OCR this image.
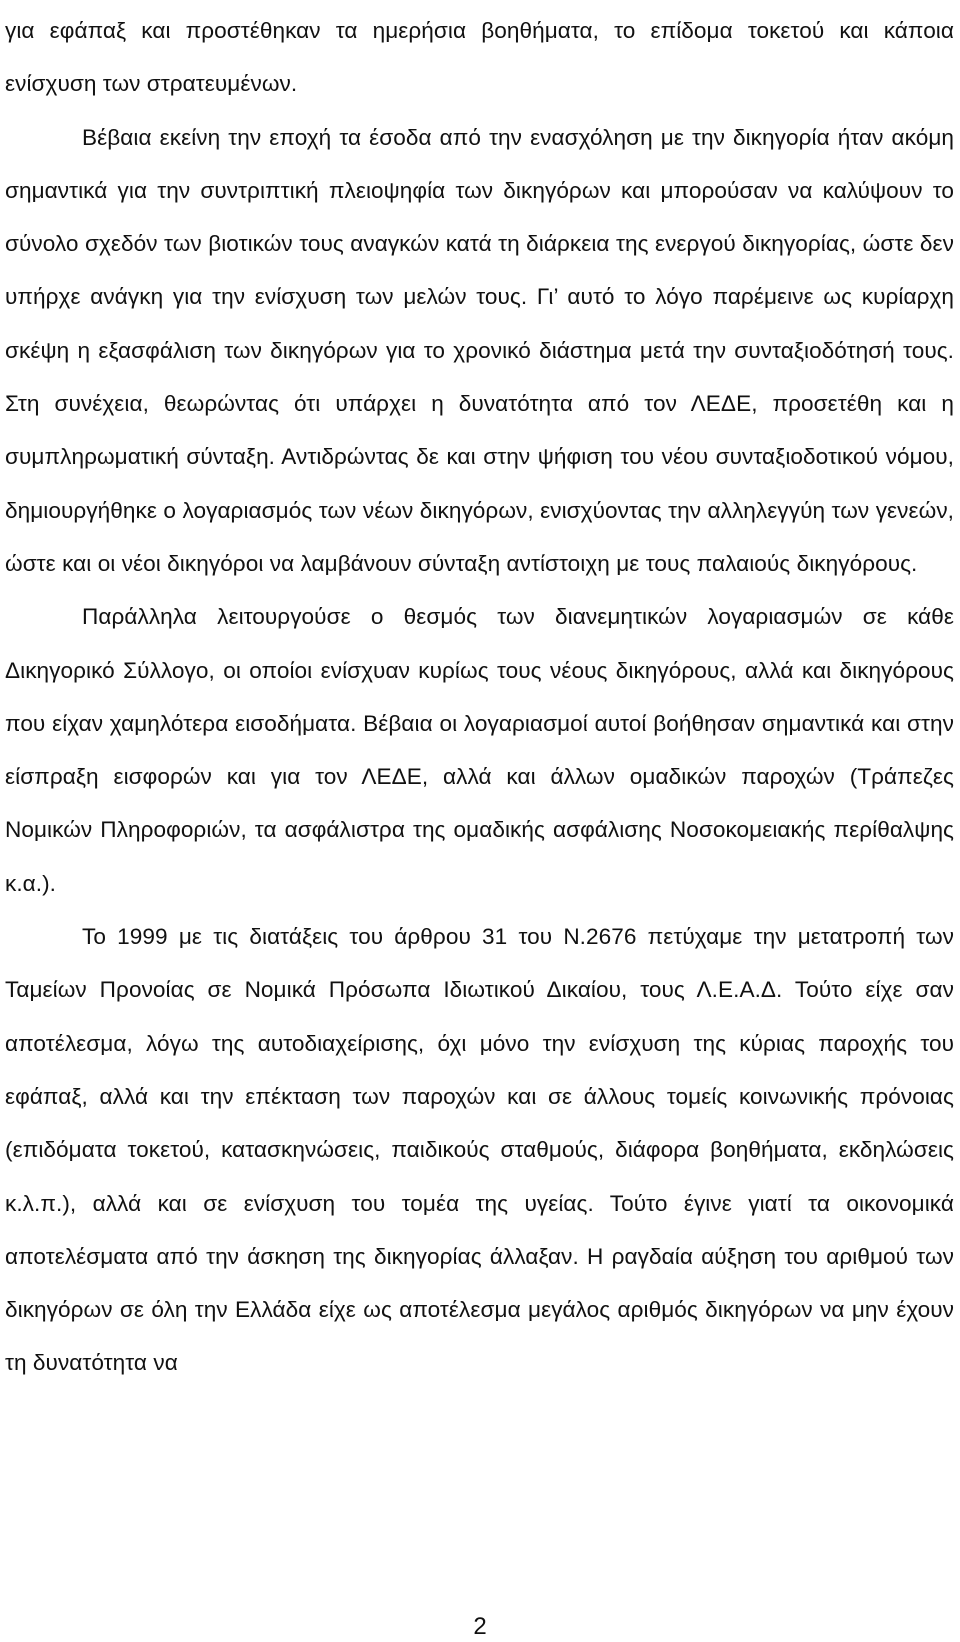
για εφάπαξ και προστέθηκαν τα ημερήσια βοηθήματα, το επίδομα τοκετού και κάποια ενίσχυση των στρατευμένων.

Βέβαια εκείνη την εποχή τα έσοδα από την ενασχόληση με την δικηγορία ήταν ακόμη σημαντικά για την συντριπτική πλειοψηφία των δικηγόρων και μπορούσαν να καλύψουν το σύνολο σχεδόν των βιοτικών τους αναγκών κατά τη διάρκεια της ενεργού δικηγορίας, ώστε δεν υπήρχε ανάγκη για την ενίσχυση των μελών τους. Γι’ αυτό το λόγο παρέμεινε ως κυρίαρχη σκέψη η εξασφάλιση των δικηγόρων για το χρονικό διάστημα μετά την συνταξιοδότησή τους. Στη συνέχεια, θεωρώντας ότι υπάρχει η δυνατότητα από τον ΛΕΔΕ, προσετέθη και η συμπληρωματική σύνταξη. Αντιδρώντας δε και στην ψήφιση του νέου συνταξιοδοτικού νόμου, δημιουργήθηκε ο λογαριασμός των νέων δικηγόρων, ενισχύοντας την αλληλεγγύη των γενεών, ώστε και οι νέοι δικηγόροι να λαμβάνουν σύνταξη αντίστοιχη με τους παλαιούς δικηγόρους.

Παράλληλα λειτουργούσε ο θεσμός των διανεμητικών λογαριασμών σε κάθε Δικηγορικό Σύλλογο, οι οποίοι ενίσχυαν κυρίως τους νέους δικηγόρους, αλλά και δικηγόρους που είχαν χαμηλότερα εισοδήματα. Βέβαια οι λογαριασμοί αυτοί βοήθησαν σημαντικά και στην είσπραξη εισφορών και για τον ΛΕΔΕ, αλλά και άλλων ομαδικών παροχών (Τράπεζες Νομικών Πληροφοριών, τα ασφάλιστρα της ομαδικής ασφάλισης Νοσοκομειακής περίθαλψης κ.α.).

Το 1999 με τις διατάξεις του άρθρου 31 του Ν.2676 πετύχαμε την μετατροπή των Ταμείων Προνοίας σε Νομικά Πρόσωπα Ιδιωτικού Δικαίου, τους Λ.Ε.Α.Δ. Τούτο είχε σαν αποτέλεσμα, λόγω της αυτοδιαχείρισης, όχι μόνο την ενίσχυση της κύριας παροχής του εφάπαξ, αλλά και την επέκταση των παροχών και σε άλλους τομείς κοινωνικής πρόνοιας (επιδόματα τοκετού, κατασκηνώσεις, παιδικούς σταθμούς, διάφορα βοηθήματα, εκδηλώσεις κ.λ.π.), αλλά και σε ενίσχυση του τομέα της υγείας. Τούτο έγινε γιατί τα οικονομικά αποτελέσματα από την άσκηση της δικηγορίας άλλαξαν. Η ραγδαία αύξηση του αριθμού των δικηγόρων σε όλη την Ελλάδα είχε ως αποτέλεσμα μεγάλος αριθμός δικηγόρων να μην έχουν τη δυνατότητα να

2
